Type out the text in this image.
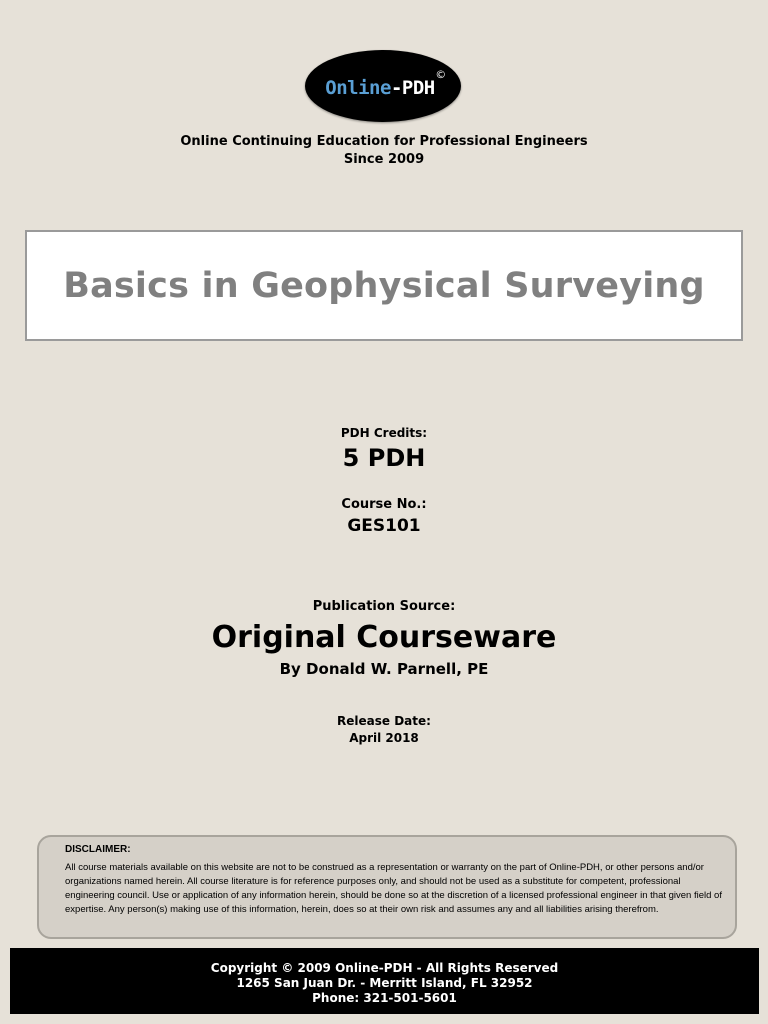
Online-PDH
©
Online Continuing Education for Professional Engineers
Since 2009
Basics in Geophysical Surveying
PDH Credits:
5 PDH
Course No.:
GES101
Publication Source:
Original Courseware
By Donald W. Parnell, PE
Release Date:
April 2018
DISCLAIMER:
All course materials available on this website are not to be construed as a representation or warranty on the part of Online-PDH, or other persons and/or organizations named herein. All course literature is for reference purposes only, and should not be used as a substitute for competent, professional engineering council. Use or application of any information herein, should be done so at the discretion of a licensed professional engineer in that given field of expertise. Any person(s) making use of this information, herein, does so at their own risk and assumes any and all liabilities arising therefrom.
Copyright © 2009 Online-PDH - All Rights Reserved
1265 San Juan Dr. - Merritt Island, FL 32952
Phone: 321-501-5601
